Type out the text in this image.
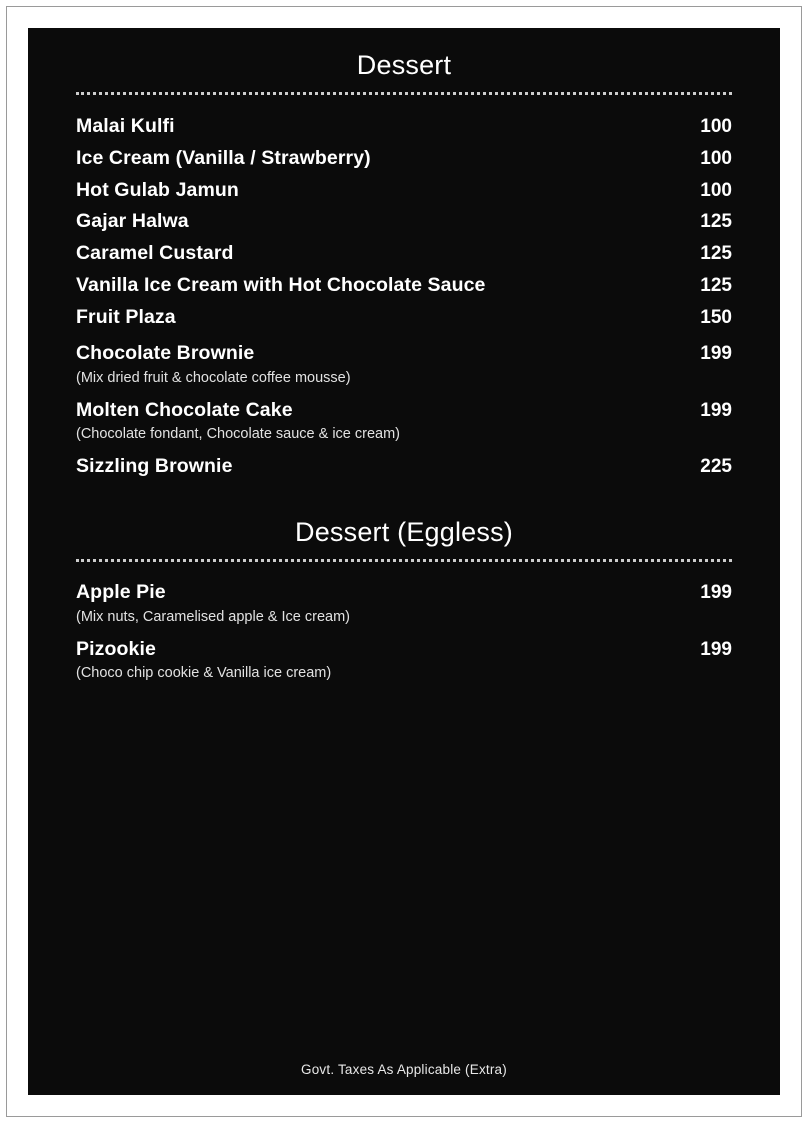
Dessert
Malai Kulfi	100
Ice Cream (Vanilla / Strawberry)	100
Hot Gulab Jamun	100
Gajar Halwa	125
Caramel Custard	125
Vanilla Ice Cream with Hot Chocolate Sauce	125
Fruit Plaza	150
Chocolate Brownie	199
(Mix dried fruit & chocolate coffee mousse)
Molten Chocolate Cake	199
(Chocolate fondant, Chocolate sauce & ice cream)
Sizzling Brownie	225
Dessert (Eggless)
Apple Pie	199
(Mix nuts, Caramelised apple & Ice cream)
Pizookie	199
(Choco chip cookie & Vanilla ice cream)
Govt. Taxes As Applicable (Extra)
